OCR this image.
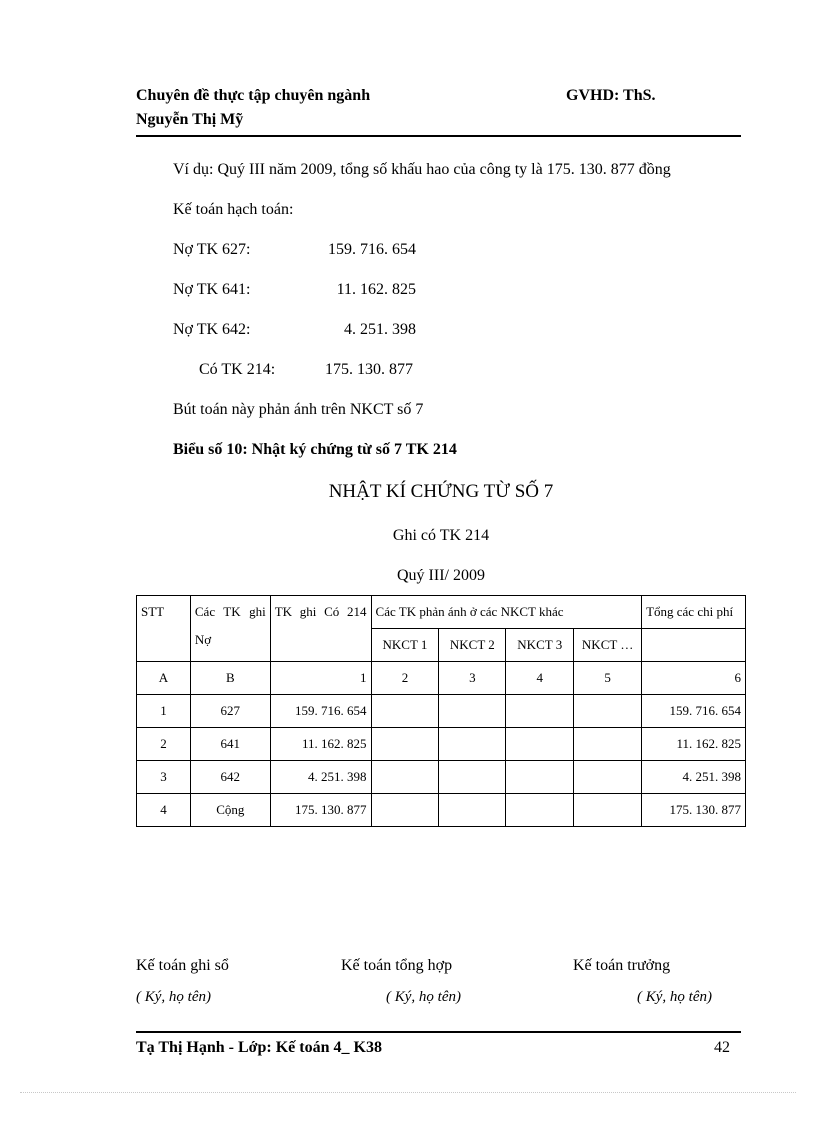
Chuyên đề thực tập chuyên ngành	GVHD: ThS.
Nguyễn Thị Mỹ
Ví dụ: Quý III năm 2009, tổng số khấu hao của công ty là 175. 130. 877 đồng
Kế toán hạch toán:
Nợ TK 627:	159. 716. 654
Nợ TK 641:	11. 162. 825
Nợ TK 642:	4. 251. 398
Có TK 214:	175. 130. 877
Bút toán này phản ánh trên NKCT số 7
Biểu số 10: Nhật ký chứng từ số 7 TK 214
NHẬT KÍ CHỨNG TỪ SỐ 7
Ghi có TK 214
Quý III/ 2009
STT	Các TK ghi Nợ	TK ghi Có 214	Các TK phản ánh ở các NKCT khác				Tổng các chi phí
			NKCT 1	NKCT 2	NKCT 3	NKCT …	
A	B	1	2	3	4	5	6
1	627	159. 716. 654					159. 716. 654
2	641	11. 162. 825					11. 162. 825
3	642	4. 251. 398					4. 251. 398
4	Cộng	175. 130. 877					175. 130. 877
Kế toán ghi sổ	Kế toán tổng hợp	Kế toán trưởng
( Ký, họ tên)	( Ký, họ tên)	( Ký, họ tên)
Tạ Thị Hạnh - Lớp: Kế toán 4_ K38	42
